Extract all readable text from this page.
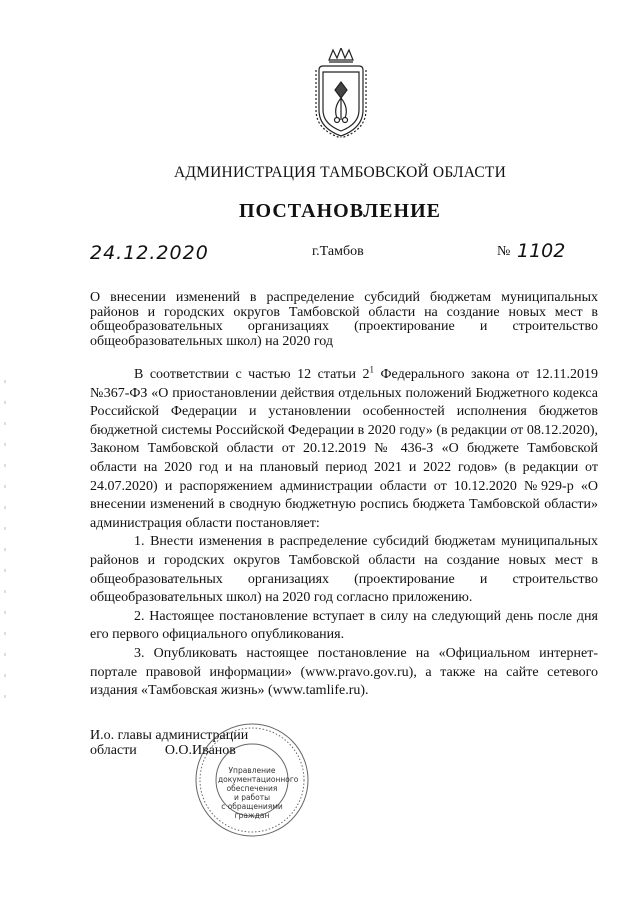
АДМИНИСТРАЦИЯ ТАМБОВСКОЙ ОБЛАСТИ
ПОСТАНОВЛЕНИЕ
24.12.2020	г.Тамбов	№ 1102
О внесении изменений в распределение субсидий бюджетам муниципальных районов и городских округов Тамбовской области на создание новых мест в общеобразовательных организациях (проектирование и строительство общеобразовательных школ) на 2020 год

В соответствии с частью 12 статьи $2^1$ Федерального закона от 12.11.2019 №367-ФЗ «О приостановлении действия отдельных положений Бюджетного кодекса Российской Федерации и установлении особенностей исполнения бюджетов бюджетной системы Российской Федерации в 2020 году» (в редакции от 08.12.2020), Законом Тамбовской области от 20.12.2019 № 436-З «О бюджете Тамбовской области на 2020 год и на плановый период 2021 и 2022 годов» (в редакции от 24.07.2020) и распоряжением администрации области от 10.12.2020 №929-р «О внесении изменений в сводную бюджетную роспись бюджета Тамбовской области» администрация области постановляет:

1. Внести изменения в распределение субсидий бюджетам муниципальных районов и городских округов Тамбовской области на создание новых мест в общеобразовательных организациях (проектирование и строительство общеобразовательных школ) на 2020 год согласно приложению.

2. Настоящее постановление вступает в силу на следующий день после дня его первого официального опубликования.

3. Опубликовать настоящее постановление на «Официальном интернет-портале правовой информации» (www.pravo.gov.ru), а также на сайте сетевого издания «Тамбовская жизнь» (www.tamlife.ru).

И.о. главы администрации
области О.О.Иванов
Управление
документационного
обеспечения
и работы
с обращениями
граждан
